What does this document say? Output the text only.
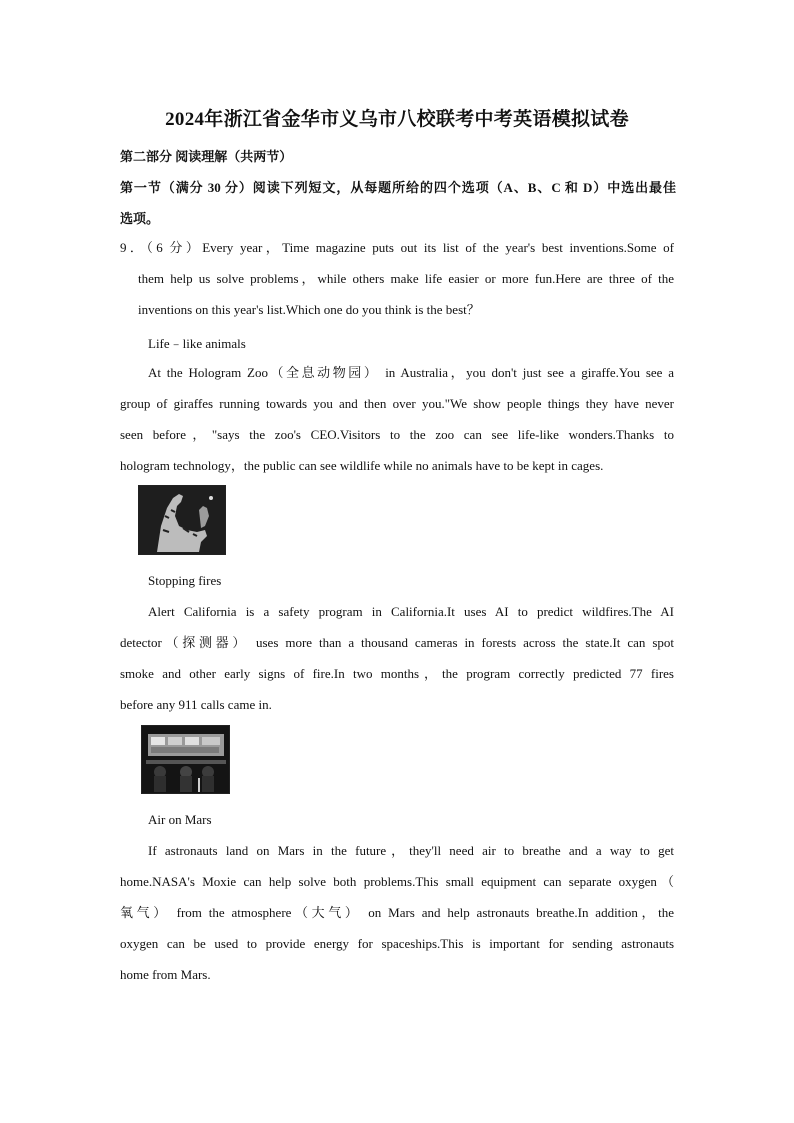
2024年浙江省金华市义乌市八校联考中考英语模拟试卷
第二部分 阅读理解（共两节）
第一节（满分 30 分）阅读下列短文，从每题所给的四个选项（A、B、C 和 D）中选出最佳
选项。
9．（6 分）Every year，Time magazine puts out its list of the year's best inventions.Some of
them help us solve problems，while others make life easier or more fun.Here are three of the
inventions on this year's list.Which one do you think is the best？
Life﹣like animals
At the Hologram Zoo（全息动物园） in Australia，you don't just see a giraffe.You see a
group of giraffes running towards you and then over you."We show people things they have never
seen before，"says the zoo's CEO.Visitors to the zoo can see life-like wonders.Thanks to
hologram technology，the public can see wildlife while no animals have to be kept in cages.
Stopping fires
Alert California is a safety program in California.It uses AI to predict wildfires.The AI
detector（探测器） uses more than a thousand cameras in forests across the state.It can spot
smoke and other early signs of fire.In two months，the program correctly predicted 77 fires
before any 911 calls came in.
Air on Mars
If astronauts land on Mars in the future，they'll need air to breathe and a way to get
home.NASA's Moxie can help solve both problems.This small equipment can separate oxygen（
氧气） from the atmosphere（大气） on Mars and help astronauts breathe.In addition，the
oxygen can be used to provide energy for spaceships.This is important for sending astronauts
home from Mars.
